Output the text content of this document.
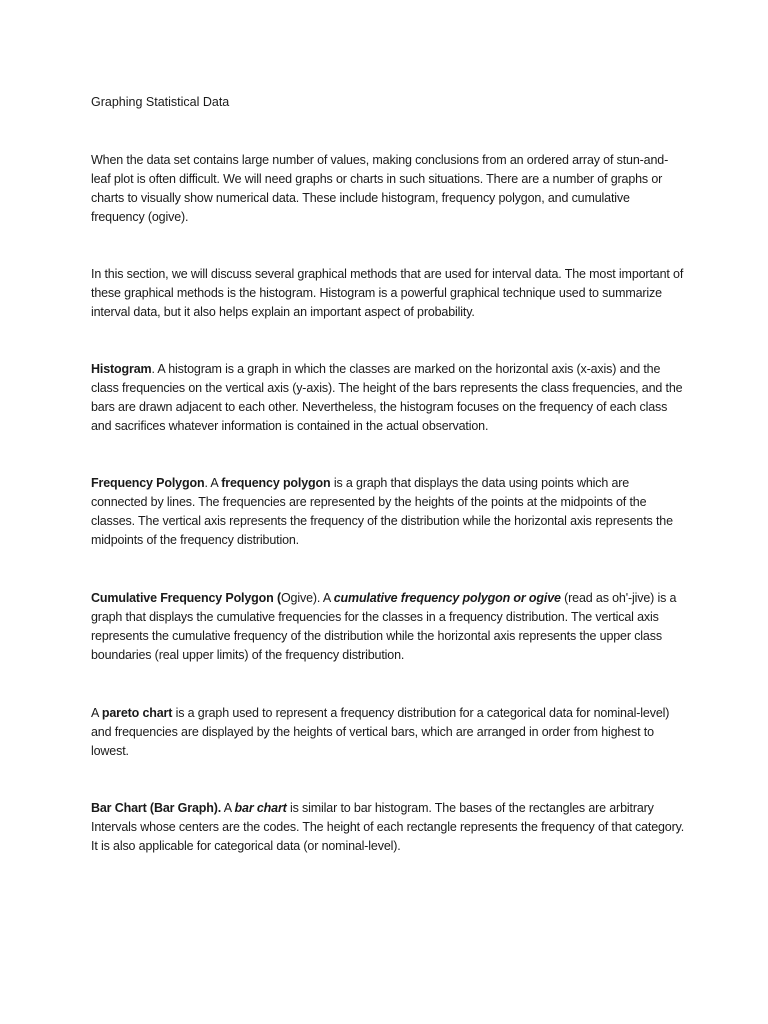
Graphing Statistical Data

When the data set contains large number of values, making conclusions from an ordered array of stun-and-leaf plot is often difficult. We will need graphs or charts in such situations. There are a number of graphs or charts to visually show numerical data. These include histogram, frequency polygon, and cumulative frequency (ogive).

In this section, we will discuss several graphical methods that are used for interval data. The most important of these graphical methods is the histogram. Histogram is a powerful graphical technique used to summarize interval data, but it also helps explain an important aspect of probability.

Histogram. A histogram is a graph in which the classes are marked on the horizontal axis (x-axis) and the class frequencies on the vertical axis (y-axis). The height of the bars represents the class frequencies, and the bars are drawn adjacent to each other. Nevertheless, the histogram focuses on the frequency of each class and sacrifices whatever information is contained in the actual observation.

Frequency Polygon. A frequency polygon is a graph that displays the data using points which are connected by lines. The frequencies are represented by the heights of the points at the midpoints of the classes. The vertical axis represents the frequency of the distribution while the horizontal axis represents the midpoints of the frequency distribution.

Cumulative Frequency Polygon (Ogive). A cumulative frequency polygon or ogive (read as oh'-jive) is a graph that displays the cumulative frequencies for the classes in a frequency distribution. The vertical axis represents the cumulative frequency of the distribution while the horizontal axis represents the upper class boundaries (real upper limits) of the frequency distribution.

A pareto chart is a graph used to represent a frequency distribution for a categorical data for nominal-level) and frequencies are displayed by the heights of vertical bars, which are arranged in order from highest to lowest.

Bar Chart (Bar Graph). A bar chart is similar to bar histogram. The bases of the rectangles are arbitrary Intervals whose centers are the codes. The height of each rectangle represents the frequency of that category. It is also applicable for categorical data (or nominal-level).
